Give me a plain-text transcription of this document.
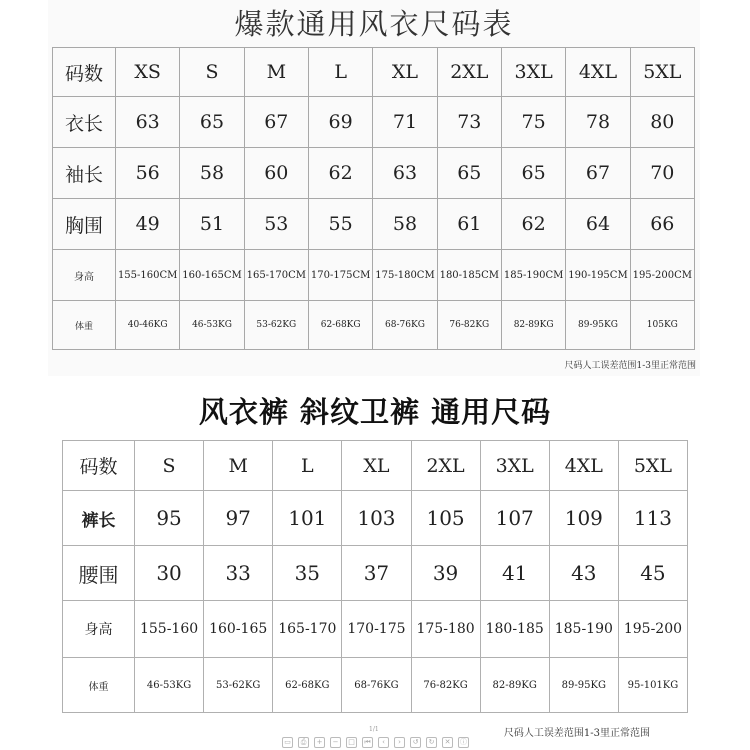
爆款通用风衣尺码表
码数	XS	S	M	L	XL	2XL	3XL	4XL	5XL
衣长	63	65	67	69	71	73	75	78	80
袖长	56	58	60	62	63	65	65	67	70
胸围	49	51	53	55	58	61	62	64	66
身高	155-160CM	160-165CM	165-170CM	170-175CM	175-180CM	180-185CM	185-190CM	190-195CM	195-200CM
体重	40-46KG	46-53KG	53-62KG	62-68KG	68-76KG	76-82KG	82-89KG	89-95KG	105KG
尺码人工误差范围1-3里正常范围
风衣裤 斜纹卫裤 通用尺码
码数	S	M	L	XL	2XL	3XL	4XL	5XL
裤长	95	97	101	103	105	107	109	113
腰围	30	33	35	37	39	41	43	45
身高	155-160	160-165	165-170	170-175	175-180	180-185	185-190	195-200
体重	46-53KG	53-62KG	62-68KG	68-76KG	76-82KG	82-89KG	89-95KG	95-101KG
1/1	尺码人工误差范围1-3里正常范围
▭	⎙	+	−	□	⏮	‹	›	↺	↻	✕	ⓘ
